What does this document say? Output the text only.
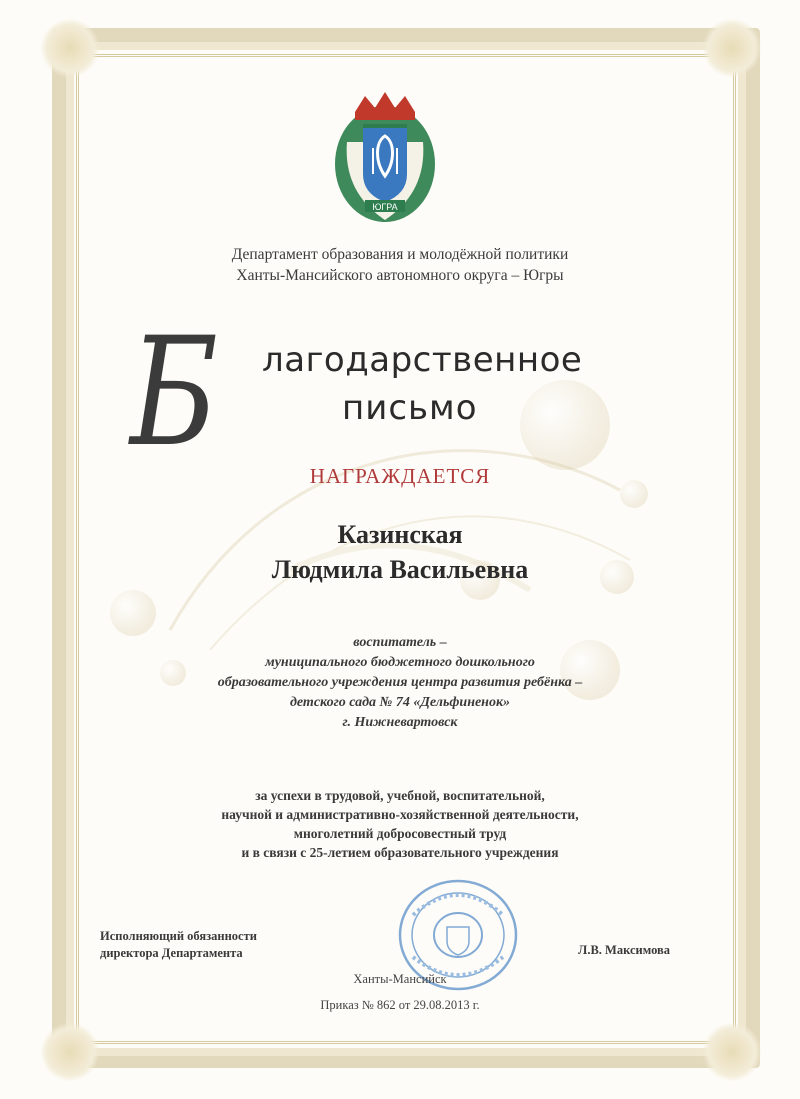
ЮГРА
Департамент образования и молодёжной политики
Ханты-Мансийского автономного округа – Югры
Б лагодарственное
письмо
НАГРАЖДАЕТСЯ
Казинская
Людмила Васильевна
воспитатель –
муниципального бюджетного дошкольного
образовательного учреждения центра развития ребёнка –
детского сада № 74 «Дельфиненок»
г. Нижневартовск
за успехи в трудовой, учебной, воспитательной,
научной и административно-хозяйственной деятельности,
многолетний добросовестный труд
и в связи с 25-летием образовательного учреждения
Исполняющий обязанности
директора Департамента	Л.В. Максимова
Ханты-Мансийск
Приказ № 862 от 29.08.2013 г.
